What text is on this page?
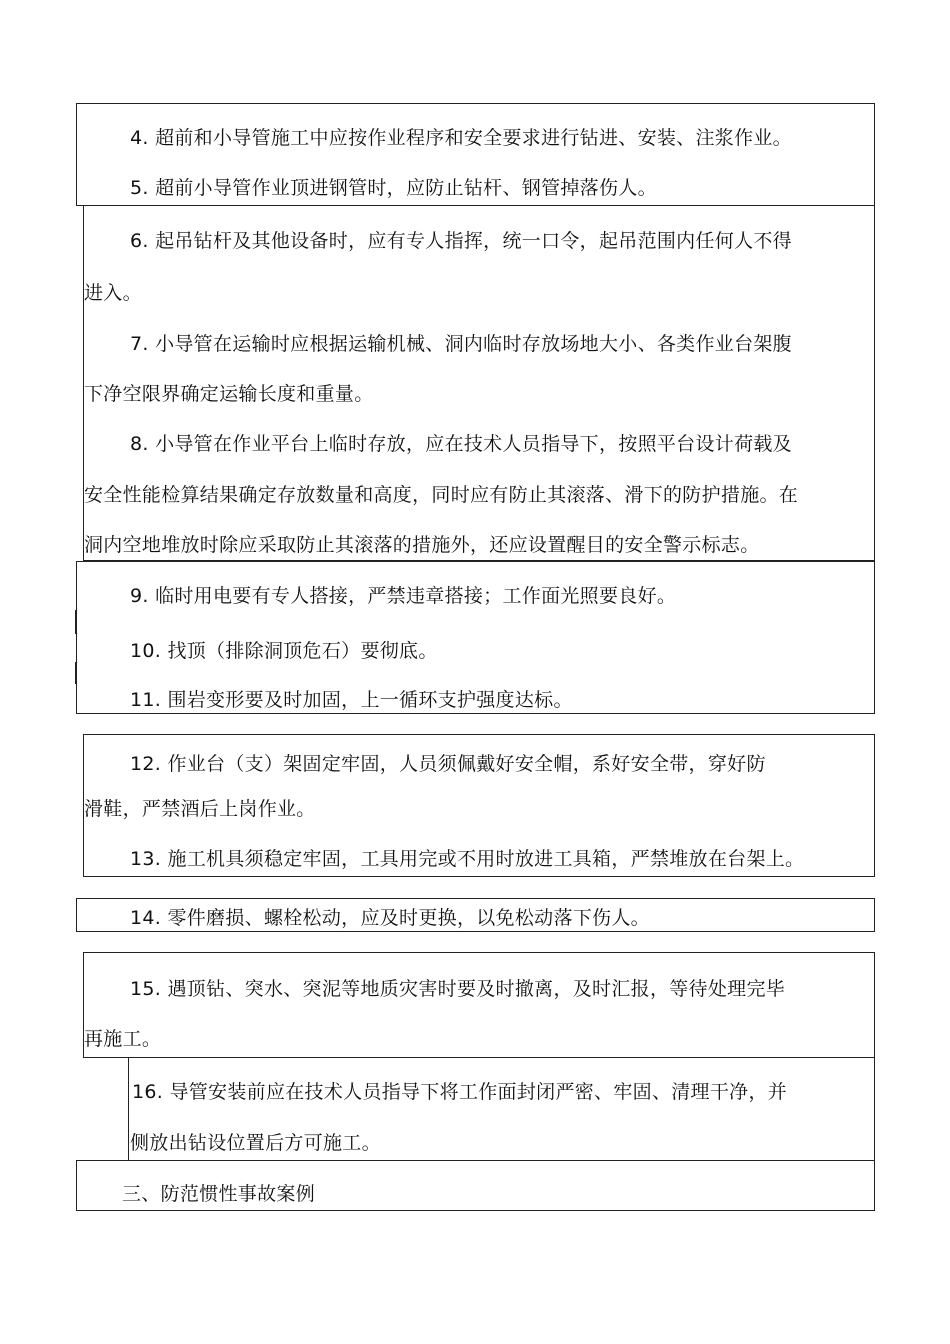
4. 超前和小导管施工中应按作业程序和安全要求进行钻进、安装、注浆作业。
5. 超前小导管作业顶进钢管时，应防止钻杆、钢管掉落伤人。
6. 起吊钻杆及其他设备时，应有专人指挥，统一口令，起吊范围内任何人不得
进入。
7. 小导管在运输时应根据运输机械、洞内临时存放场地大小、各类作业台架腹
下净空限界确定运输长度和重量。
8. 小导管在作业平台上临时存放，应在技术人员指导下，按照平台设计荷载及
安全性能检算结果确定存放数量和高度，同时应有防止其滚落、滑下的防护措施。在
洞内空地堆放时除应采取防止其滚落的措施外，还应设置醒目的安全警示标志。
9. 临时用电要有专人搭接，严禁违章搭接；工作面光照要良好。
10. 找顶（排除洞顶危石）要彻底。
11. 围岩变形要及时加固，上一循环支护强度达标。
12. 作业台（支）架固定牢固，人员须佩戴好安全帽，系好安全带，穿好防
滑鞋，严禁酒后上岗作业。
13. 施工机具须稳定牢固，工具用完或不用时放进工具箱，严禁堆放在台架上。
14. 零件磨损、螺栓松动，应及时更换，以免松动落下伤人。
15. 遇顶钻、突水、突泥等地质灾害时要及时撤离，及时汇报，等待处理完毕
再施工。
16. 导管安装前应在技术人员指导下将工作面封闭严密、牢固、清理干净，并
侧放出钻设位置后方可施工。
三、防范惯性事故案例
